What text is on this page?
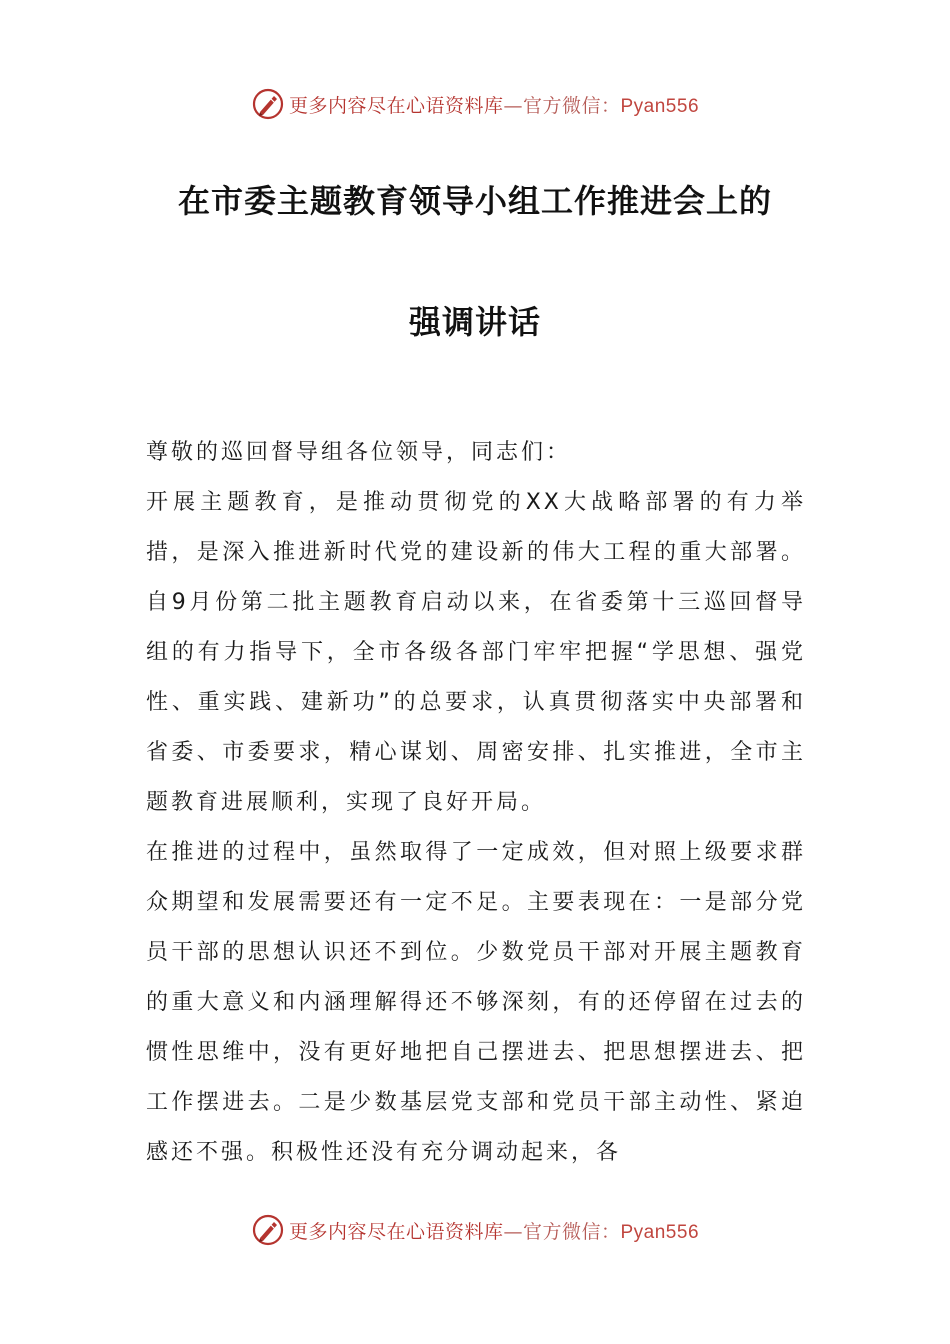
更多内容尽在心语资料库—官方微信：Pyan556
在市委主题教育领导小组工作推进会上的
强调讲话

尊敬的巡回督导组各位领导，同志们：

开展主题教育，是推动贯彻党的XX大战略部署的有力举措，是深入推进新时代党的建设新的伟大工程的重大部署。自9月份第二批主题教育启动以来，在省委第十三巡回督导组的有力指导下，全市各级各部门牢牢把握“学思想、强党性、重实践、建新功”的总要求，认真贯彻落实中央部署和省委、市委要求，精心谋划、周密安排、扎实推进，全市主题教育进展顺利，实现了良好开局。

在推进的过程中，虽然取得了一定成效，但对照上级要求群众期望和发展需要还有一定不足。主要表现在：一是部分党员干部的思想认识还不到位。少数党员干部对开展主题教育的重大意义和内涵理解得还不够深刻，有的还停留在过去的惯性思维中，没有更好地把自己摆进去、把思想摆进去、把工作摆进去。二是少数基层党支部和党员干部主动性、紧迫感还不强。积极性还没有充分调动起来，各

更多内容尽在心语资料库—官方微信：Pyan556
